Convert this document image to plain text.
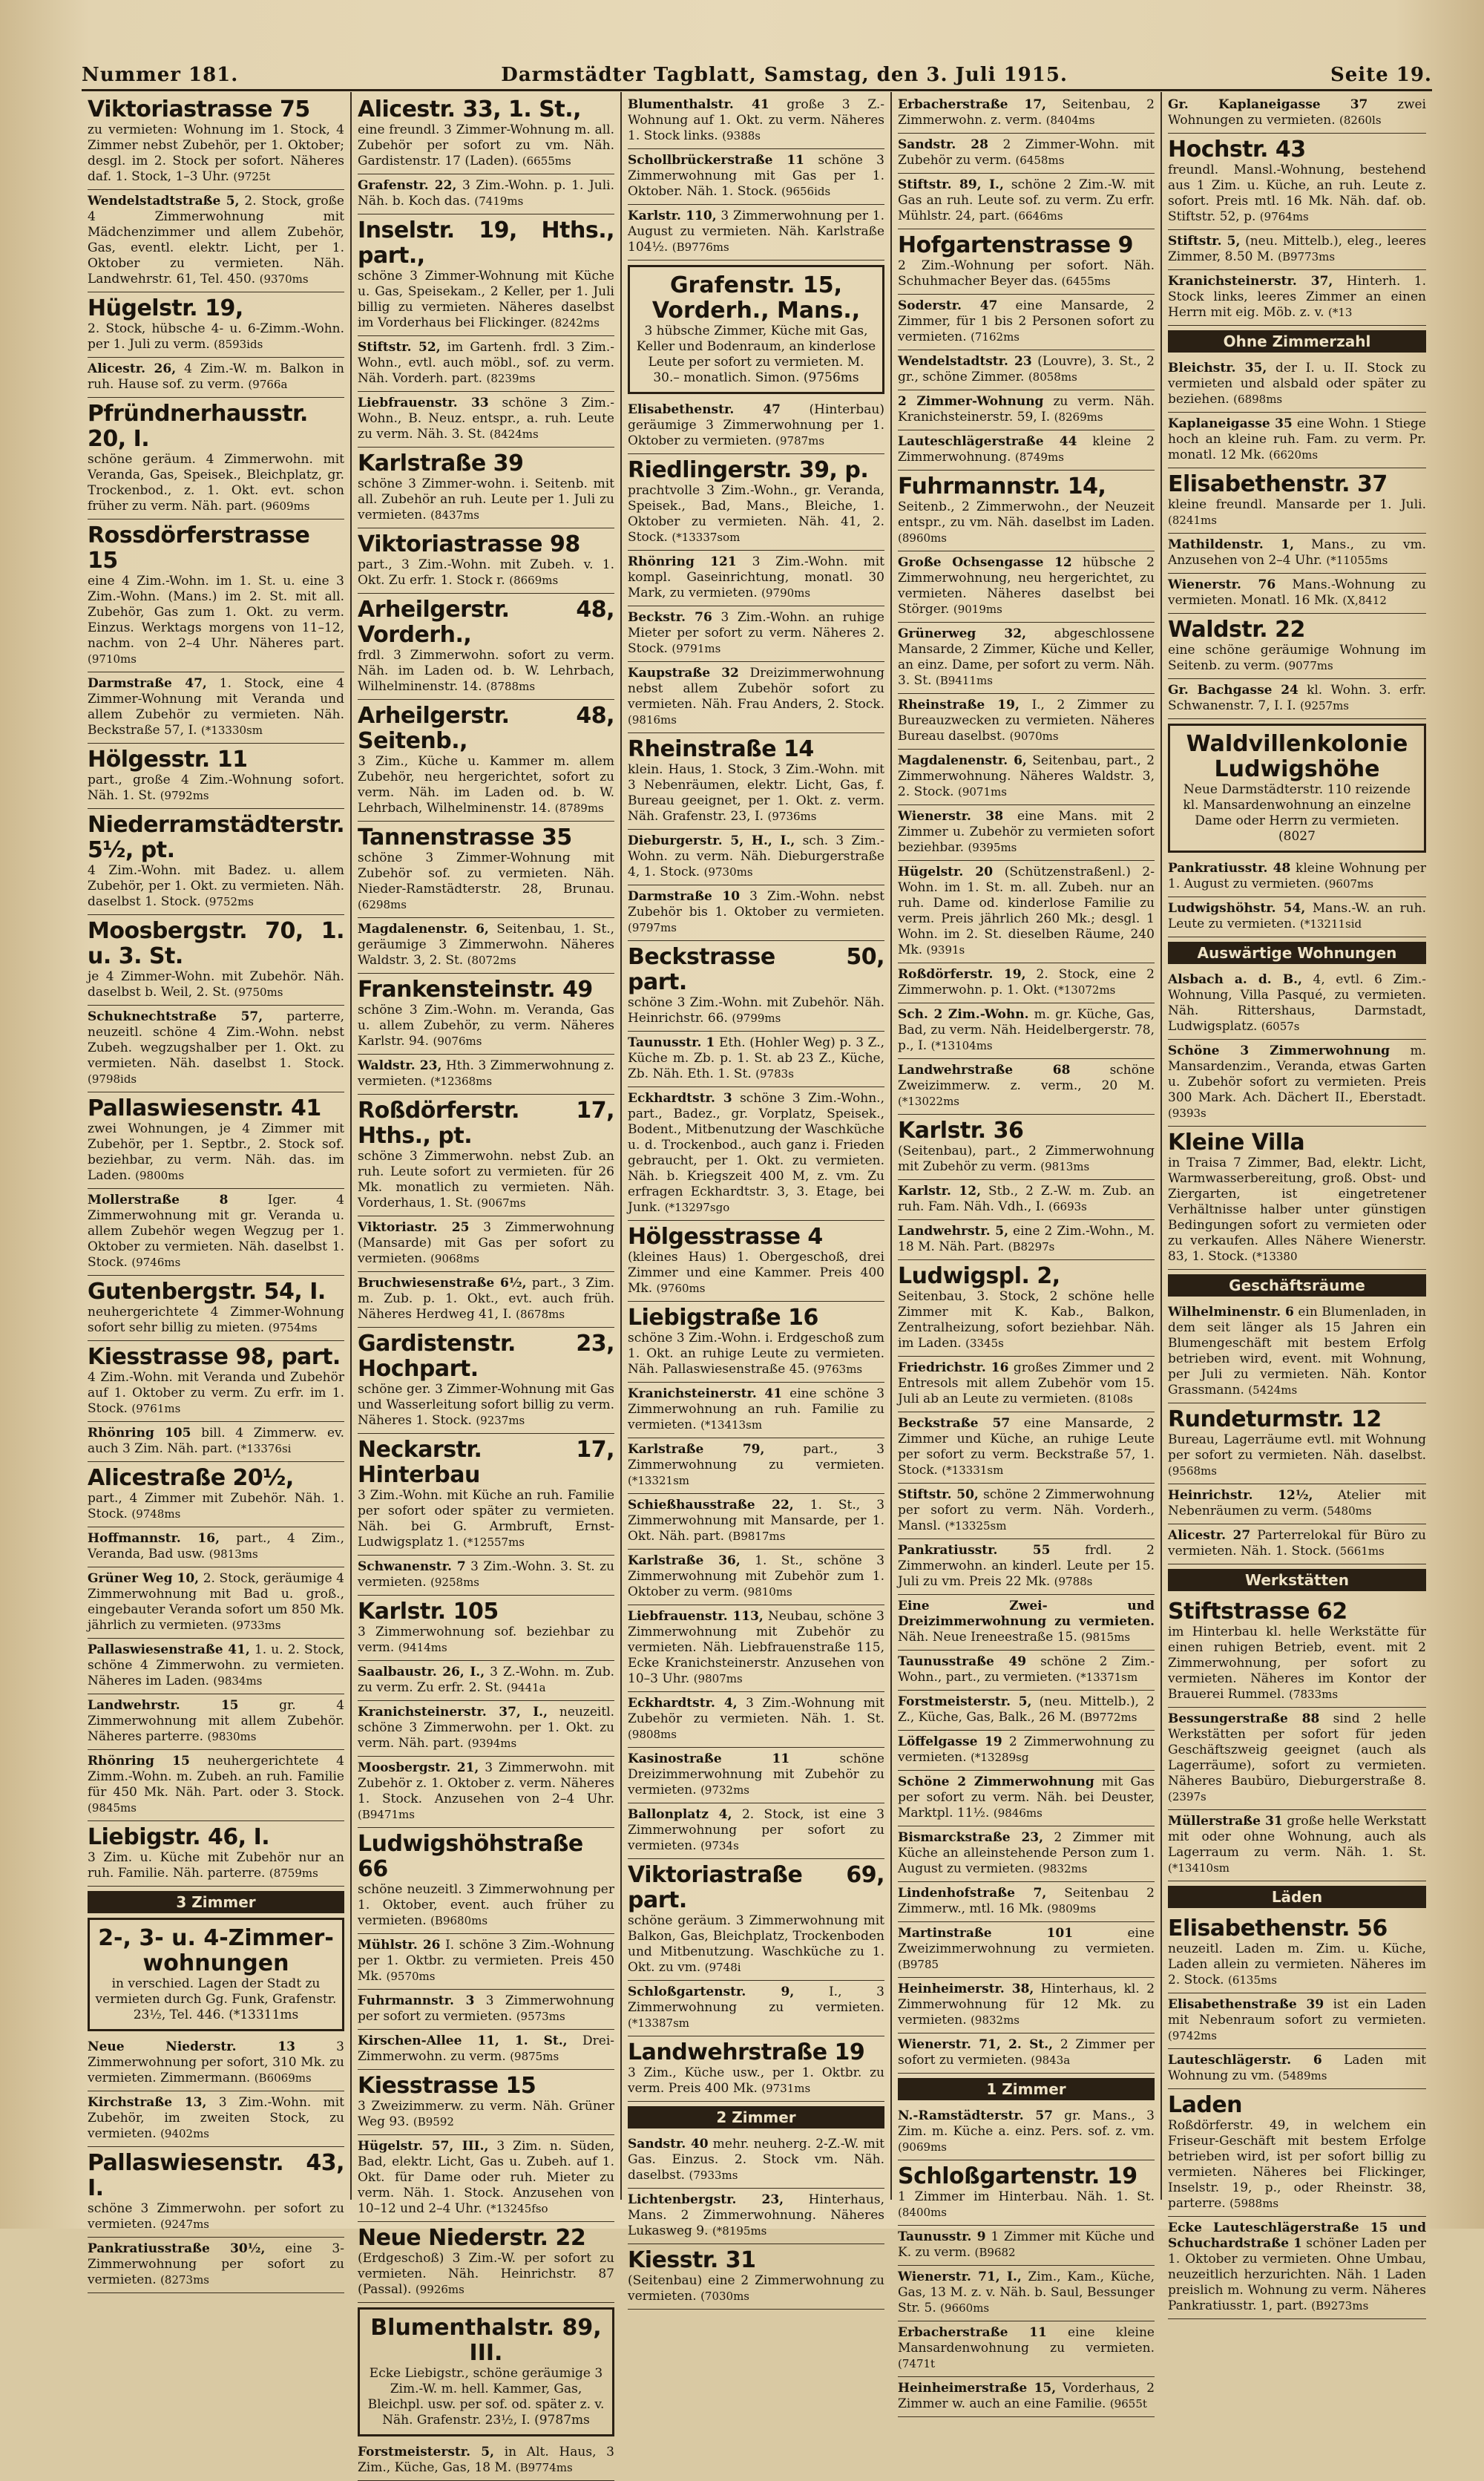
Nummer 181.	Darmstädter Tagblatt, Samstag, den 3. Juli 1915.	Seite 19.
Viktoriastrasse 75
zu vermieten: Wohnung im 1. Stock, 4 Zimmer nebst Zubehör, per 1. Oktober; desgl. im 2. Stock per sofort. Näheres daf. 1. Stock, 1–3 Uhr. (9725t
Wendelstadtstraße 5, 2. Stock, große 4 Zimmerwohnung mit Mädchenzimmer und allem Zubehör, Gas, eventl. elektr. Licht, per 1. Oktober zu vermieten. Näh. Landwehrstr. 61, Tel. 450. (9370ms
Hügelstr. 19,
2. Stock, hübsche 4- u. 6-Zimm.-Wohn. per 1. Juli zu verm. (8593ids
Alicestr. 26, 4 Zim.-W. m. Balkon in ruh. Hause sof. zu verm. (9766a
Pfründnerhausstr. 20, I.
schöne geräum. 4 Zimmerwohn. mit Veranda, Gas, Speisek., Bleichplatz, gr. Trockenbod., z. 1. Okt. evt. schon früher zu verm. Näh. part. (9609ms
Rossdörferstrasse 15
eine 4 Zim.-Wohn. im 1. St. u. eine 3 Zim.-Wohn. (Mans.) im 2. St. mit all. Zubehör, Gas zum 1. Okt. zu verm. Einzus. Werktags morgens von 11–12, nachm. von 2–4 Uhr. Näheres part. (9710ms
Darmstraße 47, 1. Stock, eine 4 Zimmer-Wohnung mit Veranda und allem Zubehör zu vermieten. Näh. Beckstraße 57, I. (*13330sm
Hölgesstr. 11
part., große 4 Zim.-Wohnung sofort. Näh. 1. St. (9792ms
Niederramstädterstr. 5½, pt.
4 Zim.-Wohn. mit Badez. u. allem Zubehör, per 1. Okt. zu vermieten. Näh. daselbst 1. Stock. (9752ms
Moosbergstr. 70, 1. u. 3. St.
je 4 Zimmer-Wohn. mit Zubehör. Näh. daselbst b. Weil, 2. St. (9750ms
Schuknechtstraße 57, parterre, neuzeitl. schöne 4 Zim.-Wohn. nebst Zubeh. wegzugshalber per 1. Okt. zu vermieten. Näh. daselbst 1. Stock. (9798ids
Pallaswiesenstr. 41
zwei Wohnungen, je 4 Zimmer mit Zubehör, per 1. Septbr., 2. Stock sof. beziehbar, zu verm. Näh. das. im Laden. (9800ms
Mollerstraße 8	Iger. 4 Zimmerwohnung mit gr. Veranda u. allem Zubehör wegen Wegzug per 1. Oktober zu vermieten. Näh. daselbst 1. Stock. (9746ms
Gutenbergstr. 54, I.
neuhergerichtete 4 Zimmer-Wohnung sofort sehr billig zu mieten. (9754ms
Kiesstrasse 98, part.
4 Zim.-Wohn. mit Veranda und Zubehör auf 1. Oktober zu verm. Zu erfr. im 1. Stock. (9761ms
Rhönring 105 bill. 4 Zimmerw. ev. auch 3 Zim. Näh. part. (*13376si
Alicestraße 20½,
part., 4 Zimmer mit Zubehör. Näh. 1. Stock. (9748ms
Hoffmannstr. 16, part., 4 Zim., Veranda, Bad usw. (9813ms
Grüner Weg 10, 2. Stock, geräumige 4 Zimmerwohnung mit Bad u. groß., eingebauter Veranda sofort um 850 Mk. jährlich zu vermieten. (9733ms
Pallaswiesenstraße 41, 1. u. 2. Stock, schöne 4 Zimmerwohn. zu vermieten. Näheres im Laden. (9834ms
Landwehrstr. 15	gr. 4 Zimmerwohnung mit allem Zubehör. Näheres parterre. (9830ms
Rhönring 15 neuhergerichtete 4 Zimm.-Wohn. m. Zubeh. an ruh. Familie für 450 Mk. Näh. Part. oder 3. Stock. (9845ms
Liebigstr. 46, I.
3 Zim. u. Küche mit Zubehör nur an ruh. Familie. Näh. parterre. (8759ms
3 Zimmer
2-, 3- u. 4-Zimmer-wohnungen
in verschied. Lagen der Stadt zu vermieten durch Gg. Funk, Grafenstr. 23½, Tel. 446. (*13311ms
Neue Niederstr. 13	3 Zimmerwohnung per sofort, 310 Mk. zu vermieten. Zimmermann. (B6069ms
Kirchstraße 13, 3 Zim.-Wohn. mit Zubehör, im zweiten Stock, zu vermieten. (9402ms
Pallaswiesenstr. 43, I.
schöne 3 Zimmerwohn. per sofort zu vermieten. (9247ms
Pankratiusstraße 30½, eine 3-Zimmerwohnung per sofort zu vermieten. (8273ms
Alicestr. 33, 1. St.,
eine freundl. 3 Zimmer-Wohnung m. all. Zubehör per sofort zu vm. Näh. Gardistenstr. 17 (Laden). (6655ms
Grafenstr. 22, 3 Zim.-Wohn. p. 1. Juli. Näh. b. Koch das. (7419ms
Inselstr. 19, Hths., part.,
schöne 3 Zimmer-Wohnung mit Küche u. Gas, Speisekam., 2 Keller, per 1. Juli billig zu vermieten. Näheres daselbst im Vorderhaus bei Flickinger. (8242ms
Stiftstr. 52, im Gartenh. frdl. 3 Zim.-Wohn., evtl. auch möbl., sof. zu verm. Näh. Vorderh. part. (8239ms
Liebfrauenstr. 33 schöne 3 Zim.-Wohn., B. Neuz. entspr., a. ruh. Leute zu verm. Näh. 3. St. (8424ms
Karlstraße 39
schöne 3 Zimmer-wohn. i. Seitenb. mit all. Zubehör an ruh. Leute per 1. Juli zu vermieten. (8437ms
Viktoriastrasse 98
part., 3 Zim.-Wohn. mit Zubeh. v. 1. Okt. Zu erfr. 1. Stock r. (8669ms
Arheilgerstr. 48, Vorderh.,
frdl. 3 Zimmerwohn. sofort zu verm. Näh. im Laden od. b. W. Lehrbach, Wilhelminenstr. 14. (8788ms
Arheilgerstr. 48, Seitenb.,
3 Zim., Küche u. Kammer m. allem Zubehör, neu hergerichtet, sofort zu verm. Näh. im Laden od. b. W. Lehrbach, Wilhelminenstr. 14. (8789ms
Tannenstrasse 35
schöne 3 Zimmer-Wohnung mit Zubehör sof. zu vermieten. Näh. Nieder-Ramstädterstr. 28, Brunau. (6298ms
Magdalenenstr. 6, Seitenbau, 1. St., geräumige 3 Zimmerwohn. Näheres Waldstr. 3, 2. St. (8072ms
Frankensteinstr. 49
schöne 3 Zim.-Wohn. m. Veranda, Gas u. allem Zubehör, zu verm. Näheres Karlstr. 94. (9076ms
Waldstr. 23, Hth. 3 Zimmerwohnung z. vermieten. (*12368ms
Roßdörferstr. 17, Hths., pt.
schöne 3 Zimmerwohn. nebst Zub. an ruh. Leute sofort zu vermieten. für 26 Mk. monatlich zu vermieten. Näh. Vorderhaus, 1. St. (9067ms
Viktoriastr. 25 3 Zimmerwohnung (Mansarde) mit Gas per sofort zu vermieten. (9068ms
Bruchwiesenstraße 6½, part., 3 Zim. m. Zub. p. 1. Okt., evt. auch früh. Näheres Herdweg 41, I. (8678ms
Gardistenstr. 23, Hochpart.
schöne ger. 3 Zimmer-Wohnung mit Gas und Wasserleitung sofort billig zu verm. Näheres 1. Stock. (9237ms
Neckarstr. 17, Hinterbau
3 Zim.-Wohn. mit Küche an ruh. Familie per sofort oder später zu vermieten. Näh. bei G. Armbruft, Ernst-Ludwigsplatz 1. (*12557ms
Schwanenstr. 7 3 Zim.-Wohn. 3. St. zu vermieten. (9258ms
Karlstr. 105
3 Zimmerwohnung sof. beziehbar zu verm. (9414ms
Saalbaustr. 26, I., 3 Z.-Wohn. m. Zub. zu verm. Zu erfr. 2. St. (9441a
Kranichsteinerstr. 37, I., neuzeitl. schöne 3 Zimmerwohn. per 1. Okt. zu verm. Näh. part. (9394ms
Moosbergstr. 21, 3 Zimmerwohn. mit Zubehör z. 1. Oktober z. verm. Näheres 1. Stock. Anzusehen von 2–4 Uhr. (B9471ms
Ludwigshöhstraße 66
schöne neuzeitl. 3 Zimmerwohnung per 1. Oktober, event. auch früher zu vermieten. (B9680ms
Mühlstr. 26 I. schöne 3 Zim.-Wohnung per 1. Oktbr. zu vermieten. Preis 450 Mk. (9570ms
Fuhrmannstr. 3 3 Zimmerwohnung per sofort zu vermieten. (9573ms
Kirschen-Allee 11, 1. St., Drei-Zimmerwohn. zu verm. (9875ms
Kiesstrasse 15
3 Zweizimmerw. zu verm. Näh. Grüner Weg 93. (B9592
Hügelstr. 57, III., 3 Zim. n. Süden, Bad, elektr. Licht, Gas u. Zubeh. auf 1. Okt. für Dame oder ruh. Mieter zu verm. Näh. 1. Stock. Anzusehen von 10–12 und 2–4 Uhr. (*13245fso
Neue Niederstr. 22
(Erdgeschoß) 3 Zim.-W. per sofort zu vermieten. Näh. Heinrichstr. 87 (Passal). (9926ms
Blumenthalstr. 89, III.
Ecke Liebigstr., schöne geräumige 3 Zim.-W. m. hell. Kammer, Gas, Bleichpl. usw. per sof. od. später z. v. Näh. Grafenstr. 23½, I. (9787ms
Forstmeisterstr. 5, in Alt. Haus, 3 Zim., Küche, Gas, 18 M. (B9774ms
Blumenthalstr. 41 große 3 Z.-Wohnung auf 1. Okt. zu verm. Näheres 1. Stock links. (9388s
Schollbrückerstraße 11 schöne 3 Zimmerwohnung mit Gas per 1. Oktober. Näh. 1. Stock. (9656ids
Karlstr. 110, 3 Zimmerwohnung per 1. August zu vermieten. Näh. Karlstraße 104½. (B9776ms
Grafenstr. 15, Vorderh., Mans.,
3 hübsche Zimmer, Küche mit Gas, Keller und Bodenraum, an kinderlose Leute per sofort zu vermieten. M. 30.– monatlich. Simon. (9756ms
Elisabethenstr. 47 (Hinterbau) geräumige 3 Zimmerwohnung per 1. Oktober zu vermieten. (9787ms
Riedlingerstr. 39, p.
prachtvolle 3 Zim.-Wohn., gr. Veranda, Speisek., Bad, Mans., Bleiche, 1. Oktober zu vermieten. Näh. 41, 2. Stock. (*13337som
Rhönring 121 3 Zim.-Wohn. mit kompl. Gaseinrichtung, monatl. 30 Mark, zu vermieten. (9790ms
Beckstr. 76 3 Zim.-Wohn. an ruhige Mieter per sofort zu verm. Näheres 2. Stock. (9791ms
Kaupstraße 32 Dreizimmerwohnung nebst allem Zubehör sofort zu vermieten. Näh. Frau Anders, 2. Stock. (9816ms
Rheinstraße 14
klein. Haus, 1. Stock, 3 Zim.-Wohn. mit 3 Nebenräumen, elektr. Licht, Gas, f. Bureau geeignet, per 1. Okt. z. verm. Näh. Grafenstr. 23, I. (9736ms
Dieburgerstr. 5, H., I., sch. 3 Zim.-Wohn. zu verm. Näh. Dieburgerstraße 4, 1. Stock. (9730ms
Darmstraße 10 3 Zim.-Wohn. nebst Zubehör bis 1. Oktober zu vermieten. (9797ms
Beckstrasse 50, part.
schöne 3 Zim.-Wohn. mit Zubehör. Näh. Heinrichstr. 66. (9799ms
Taunusstr. 1 Eth. (Hohler Weg) p. 3 Z., Küche m. Zb. p. 1. St. ab 23 Z., Küche, Zb. Näh. Eth. 1. St. (9783s
Eckhardtstr. 3 schöne 3 Zim.-Wohn., part., Badez., gr. Vorplatz, Speisek., Bodent., Mitbenutzung der Waschküche u. d. Trockenbod., auch ganz i. Frieden gebraucht, per 1. Okt. zu vermieten. Näh. b. Kriegszeit 400 M, z. vm. Zu erfragen Eckhardtstr. 3, 3. Etage, bei Junk. (*13297sgo
Hölgesstrasse 4
(kleines Haus) 1. Obergeschoß, drei Zimmer und eine Kammer. Preis 400 Mk. (9760ms
Liebigstraße 16
schöne 3 Zim.-Wohn. i. Erdgeschoß zum 1. Okt. an ruhige Leute zu vermieten. Näh. Pallaswiesenstraße 45. (9763ms
Kranichsteinerstr. 41 eine schöne 3 Zimmerwohnung an ruh. Familie zu vermieten. (*13413sm
Karlstraße 79,	part., 3 Zimmerwohnung zu vermieten. (*13321sm
Schießhausstraße 22, 1. St., 3 Zimmerwohnung mit Mansarde, per 1. Okt. Näh. part. (B9817ms
Karlstraße 36, 1. St., schöne 3 Zimmerwohnung mit Zubehör zum 1. Oktober zu verm. (9810ms
Liebfrauenstr. 113, Neubau, schöne 3 Zimmerwohnung mit Zubehör zu vermieten. Näh. Liebfrauenstraße 115, Ecke Kranichsteinerstr. Anzusehen von 10–3 Uhr. (9807ms
Eckhardtstr. 4, 3 Zim.-Wohnung mit Zubehör zu vermieten. Näh. 1. St. (9808ms
Kasinostraße 11	schöne Dreizimmerwohnung mit Zubehör zu vermieten. (9732ms
Ballonplatz 4, 2. Stock, ist eine 3 Zimmerwohnung per sofort zu vermieten. (9734s
Viktoriastraße 69, part.
schöne geräum. 3 Zimmerwohnung mit Balkon, Gas, Bleichplatz, Trockenboden und Mitbenutzung. Waschküche zu 1. Okt. zu vm. (9748i
Schloßgartenstr. 9,	I., 3 Zimmerwohnung zu vermieten. (*13387sm
Landwehrstraße 19
3 Zim., Küche usw., per 1. Oktbr. zu verm. Preis 400 Mk. (9731ms
2 Zimmer
Sandstr. 40 mehr. neuherg. 2-Z.-W. mit Gas. Einzus. 2. Stock vm. Näh. daselbst. (7933ms
Lichtenbergstr. 23, Hinterhaus, Mans. 2 Zimmerwohnung. Näheres Lukasweg 9. (*8195ms
Kiesstr. 31
(Seitenbau) eine 2 Zimmerwohnung zu vermieten. (7030ms
Erbacherstraße 17, Seitenbau, 2 Zimmerwohn. z. verm. (8404ms
Sandstr. 28 2 Zimmer-Wohn. mit Zubehör zu verm. (6458ms
Stiftstr. 89, I., schöne 2 Zim.-W. mit Gas an ruh. Leute sof. zu verm. Zu erfr. Mühlstr. 24, part. (6646ms
Hofgartenstrasse 9
2 Zim.-Wohnung per sofort. Näh. Schuhmacher Beyer das. (6455ms
Soderstr. 47 eine Mansarde, 2 Zimmer, für 1 bis 2 Personen sofort zu vermieten. (7162ms
Wendelstadtstr. 23 (Louvre), 3. St., 2 gr., schöne Zimmer. (8058ms
2 Zimmer-Wohnung zu verm. Näh. Kranichsteinerstr. 59, I. (8269ms
Lauteschlägerstraße 44 kleine 2 Zimmerwohnung. (8749ms
Fuhrmannstr. 14,
Seitenb., 2 Zimmerwohn., der Neuzeit entspr., zu vm. Näh. daselbst im Laden. (8960ms
Große Ochsengasse 12 hübsche 2 Zimmerwohnung, neu hergerichtet, zu vermieten. Näheres daselbst bei Störger. (9019ms
Grünerweg 32, abgeschlossene Mansarde, 2 Zimmer, Küche und Keller, an einz. Dame, per sofort zu verm. Näh. 3. St. (B9411ms
Rheinstraße 19, I., 2 Zimmer zu Bureauzwecken zu vermieten. Näheres Bureau daselbst. (9070ms
Magdalenenstr. 6, Seitenbau, part., 2 Zimmerwohnung. Näheres Waldstr. 3, 2. Stock. (9071ms
Wienerstr. 38 eine Mans. mit 2 Zimmer u. Zubehör zu vermieten sofort beziehbar. (9395ms
Hügelstr. 20 (Schützenstraßenl.) 2-Wohn. im 1. St. m. all. Zubeh. nur an ruh. Dame od. kinderlose Familie zu verm. Preis jährlich 260 Mk.; desgl. 1 Wohn. im 2. St. dieselben Räume, 240 Mk. (9391s
Roßdörferstr. 19, 2. Stock, eine 2 Zimmerwohn. p. 1. Okt. (*13072ms
Sch. 2 Zim.-Wohn. m. gr. Küche, Gas, Bad, zu verm. Näh. Heidelbergerstr. 78, p., I. (*13104ms
Landwehrstraße 68	schöne Zweizimmerw. z. verm., 20 M. (*13022ms
Karlstr. 36
(Seitenbau), part., 2 Zimmerwohnung mit Zubehör zu verm. (9813ms
Karlstr. 12, Stb., 2 Z.-W. m. Zub. an ruh. Fam. Näh. Vdh., I. (6693s
Landwehrstr. 5, eine 2 Zim.-Wohn., M. 18 M. Näh. Part. (B8297s
Ludwigspl. 2,
Seitenbau, 3. Stock, 2 schöne helle Zimmer mit K. Kab., Balkon, Zentralheizung, sofort beziehbar. Näh. im Laden. (3345s
Friedrichstr. 16 großes Zimmer und 2 Entresols mit allem Zubehör vom 15. Juli ab an Leute zu vermieten. (8108s
Beckstraße 57 eine Mansarde, 2 Zimmer und Küche, an ruhige Leute per sofort zu verm. Beckstraße 57, 1. Stock. (*13331sm
Stiftstr. 50, schöne 2 Zimmerwohnung per sofort zu verm. Näh. Vorderh., Mansl. (*13325sm
Pankratiusstr. 55	frdl. 2 Zimmerwohn. an kinderl. Leute per 15. Juli zu vm. Preis 22 Mk. (9788s
Eine Zwei- und Dreizimmerwohnung zu vermieten. Näh. Neue Ireneestraße 15. (9815ms
Taunusstraße 49 schöne 2 Zim.-Wohn., part., zu vermieten. (*13371sm
Forstmeisterstr. 5, (neu. Mittelb.), 2 Z., Küche, Gas, Balk., 26 M. (B9772ms
Löffelgasse 19 2 Zimmerwohnung zu vermieten. (*13289sg
Schöne 2 Zimmerwohnung mit Gas per sofort zu verm. Näh. bei Deuster, Marktpl. 11½. (9846ms
Bismarckstraße 23, 2 Zimmer mit Küche an alleinstehende Person zum 1. August zu vermieten. (9832ms
Lindenhofstraße 7, Seitenbau 2 Zimmerw., mtl. 16 Mk. (9809ms
Martinstraße 101	eine Zweizimmerwohnung zu vermieten. (B9785
Heinheimerstr. 38, Hinterhaus, kl. 2 Zimmerwohnung für 12 Mk. zu vermieten. (9832ms
Wienerstr. 71, 2. St., 2 Zimmer per sofort zu vermieten. (9843a
1 Zimmer
N.-Ramstädterstr. 57 gr. Mans., 3 Zim. m. Küche a. einz. Pers. sof. z. vm. (9069ms
Schloßgartenstr. 19
1 Zimmer im Hinterbau. Näh. 1. St. (8400ms
Taunusstr. 9 1 Zimmer mit Küche und K. zu verm. (B9682
Wienerstr. 71, I., Zim., Kam., Küche, Gas, 13 M. z. v. Näh. b. Saul, Bessunger Str. 5. (9660ms
Erbacherstraße 11 eine kleine Mansardenwohnung zu vermieten. (7471t
Heinheimerstraße 15, Vorderhaus, 2 Zimmer w. auch an eine Familie. (9655t
Gr. Kaplaneigasse 37 zwei Wohnungen zu vermieten. (8260ls
Hochstr. 43
freundl. Mansl.-Wohnung, bestehend aus 1 Zim. u. Küche, an ruh. Leute z. sofort. Preis mtl. 16 Mk. Näh. daf. ob. Stiftstr. 52, p. (9764ms
Stiftstr. 5, (neu. Mittelb.), eleg., leeres Zimmer, 8.50 M. (B9773ms
Kranichsteinerstr. 37, Hinterh. 1. Stock links, leeres Zimmer an einen Herrn mit eig. Möb. z. v. (*13
Ohne Zimmerzahl
Bleichstr. 35, der I. u. II. Stock zu vermieten und alsbald oder später zu beziehen. (6898ms
Kaplaneigasse 35 eine Wohn. 1 Stiege hoch an kleine ruh. Fam. zu verm. Pr. monatl. 12 Mk. (6620ms
Elisabethenstr. 37
kleine freundl. Mansarde per 1. Juli. (8241ms
Mathildenstr. 1, Mans., zu vm. Anzusehen von 2–4 Uhr. (*11055ms
Wienerstr. 76 Mans.-Wohnung zu vermieten. Monatl. 16 Mk. (X,8412
Waldstr. 22
eine schöne geräumige Wohnung im Seitenb. zu verm. (9077ms
Gr. Bachgasse 24 kl. Wohn. 3. erfr. Schwanenstr. 7, I. I. (9257ms
Waldvillenkolonie Ludwigshöhe
Neue Darmstädterstr. 110 reizende kl. Mansardenwohnung an einzelne Dame oder Herrn zu vermieten. (8027
Pankratiusstr. 48 kleine Wohnung per 1. August zu vermieten. (9607ms
Ludwigshöhstr. 54, Mans.-W. an ruh. Leute zu vermieten. (*13211sid
Auswärtige Wohnungen
Alsbach a. d. B., 4, evtl. 6 Zim.-Wohnung, Villa Pasqué, zu vermieten. Näh. Rittershaus, Darmstadt, Ludwigsplatz. (6057s
Schöne 3 Zimmerwohnung m. Mansardenzim., Veranda, etwas Garten u. Zubehör sofort zu vermieten. Preis 300 Mark. Ach. Dächert II., Eberstadt. (9393s
Kleine Villa
in Traisa 7 Zimmer, Bad, elektr. Licht, Warmwasserbereitung, groß. Obst- und Ziergarten, ist eingetretener Verhältnisse halber unter günstigen Bedingungen sofort zu vermieten oder zu verkaufen. Alles Nähere Wienerstr. 83, 1. Stock. (*13380
Geschäftsräume
Wilhelminenstr. 6 ein Blumenladen, in dem seit länger als 15 Jahren ein Blumengeschäft mit bestem Erfolg betrieben wird, event. mit Wohnung, per Juli zu vermieten. Näh. Kontor Grassmann. (5424ms
Rundeturmstr. 12
Bureau, Lagerräume evtl. mit Wohnung per sofort zu vermieten. Näh. daselbst. (9568ms
Heinrichstr. 12½, Atelier mit Nebenräumen zu verm. (5480ms
Alicestr. 27 Parterrelokal für Büro zu vermieten. Näh. 1. Stock. (5661ms
Werkstätten
Stiftstrasse 62
im Hinterbau kl. helle Werkstätte für einen ruhigen Betrieb, event. mit 2 Zimmerwohnung, per sofort zu vermieten. Näheres im Kontor der Brauerei Rummel. (7833ms
Bessungerstraße 88 sind 2 helle Werkstätten per sofort für jeden Geschäftszweig geeignet (auch als Lagerräume), sofort zu vermieten. Näheres Baubüro, Dieburgerstraße 8. (2397s
Müllerstraße 31 große helle Werkstatt mit oder ohne Wohnung, auch als Lagerraum zu verm. Näh. 1. St. (*13410sm
Läden
Elisabethenstr. 56
neuzeitl. Laden m. Zim. u. Küche, Laden allein zu vermieten. Näheres im 2. Stock. (6135ms
Elisabethenstraße 39 ist ein Laden mit Nebenraum sofort zu vermieten. (9742ms
Lauteschlägerstr. 6 Laden mit Wohnung zu vm. (5489ms
Laden
Roßdörferstr. 49, in welchem ein Friseur-Geschäft mit bestem Erfolge betrieben wird, ist per sofort billig zu vermieten. Näheres bei Flickinger, Inselstr. 19, p., oder Rheinstr. 38, parterre. (5988ms
Ecke Lauteschlägerstraße 15 und Schuchardstraße 1 schöner Laden per 1. Oktober zu vermieten. Ohne Umbau, neuzeitlich herzurichten. Näh. 1 Laden preislich m. Wohnung zu verm. Näheres Pankratiusstr. 1, part. (B9273ms
